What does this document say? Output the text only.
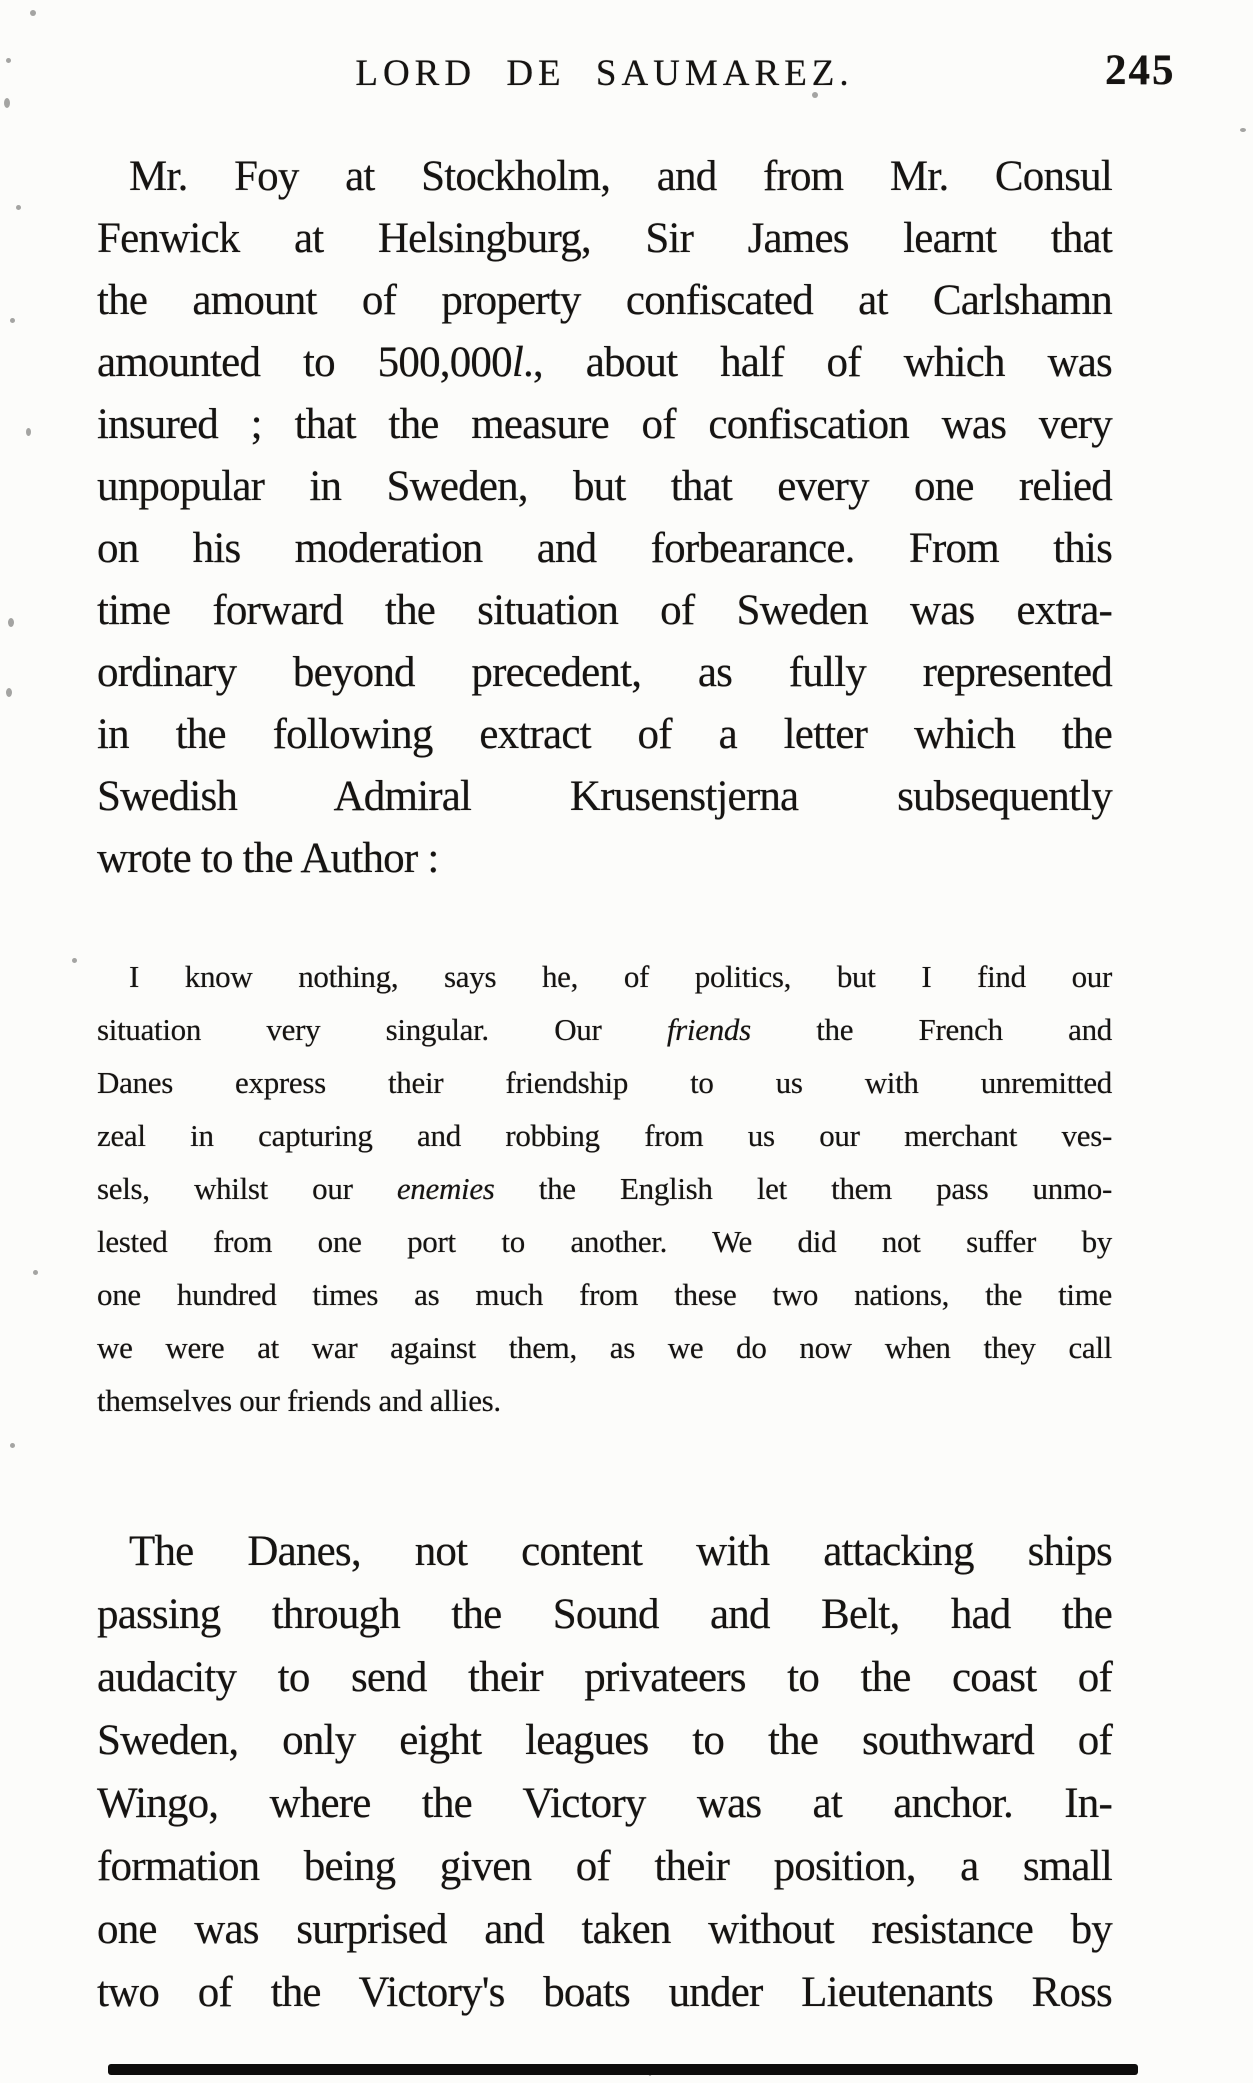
LORD DE SAUMAREZ.	245
Mr. Foy at Stockholm, and from Mr. Consul
Fenwick at Helsingburg, Sir James learnt that
the amount of property confiscated at Carlshamn
amounted to 500,000l., about half of which was
insured ; that the measure of confiscation was very
unpopular in Sweden, but that every one relied
on his moderation and forbearance. From this
time forward the situation of Sweden was extra-
ordinary beyond precedent, as fully represented
in the following extract of a letter which the
Swedish Admiral Krusenstjerna subsequently
wrote to the Author :
I know nothing, says he, of politics, but I find our
situation very singular. Our friends the French and
Danes express their friendship to us with unremitted
zeal in capturing and robbing from us our merchant ves-
sels, whilst our enemies the English let them pass unmo-
lested from one port to another. We did not suffer by
one hundred times as much from these two nations, the time
we were at war against them, as we do now when they call
themselves our friends and allies.
The Danes, not content with attacking ships
passing through the Sound and Belt, had the
audacity to send their privateers to the coast of
Sweden, only eight leagues to the southward of
Wingo, where the Victory was at anchor. In-
formation being given of their position, a small
one was surprised and taken without resistance by
two of the Victory's boats under Lieutenants Ross
